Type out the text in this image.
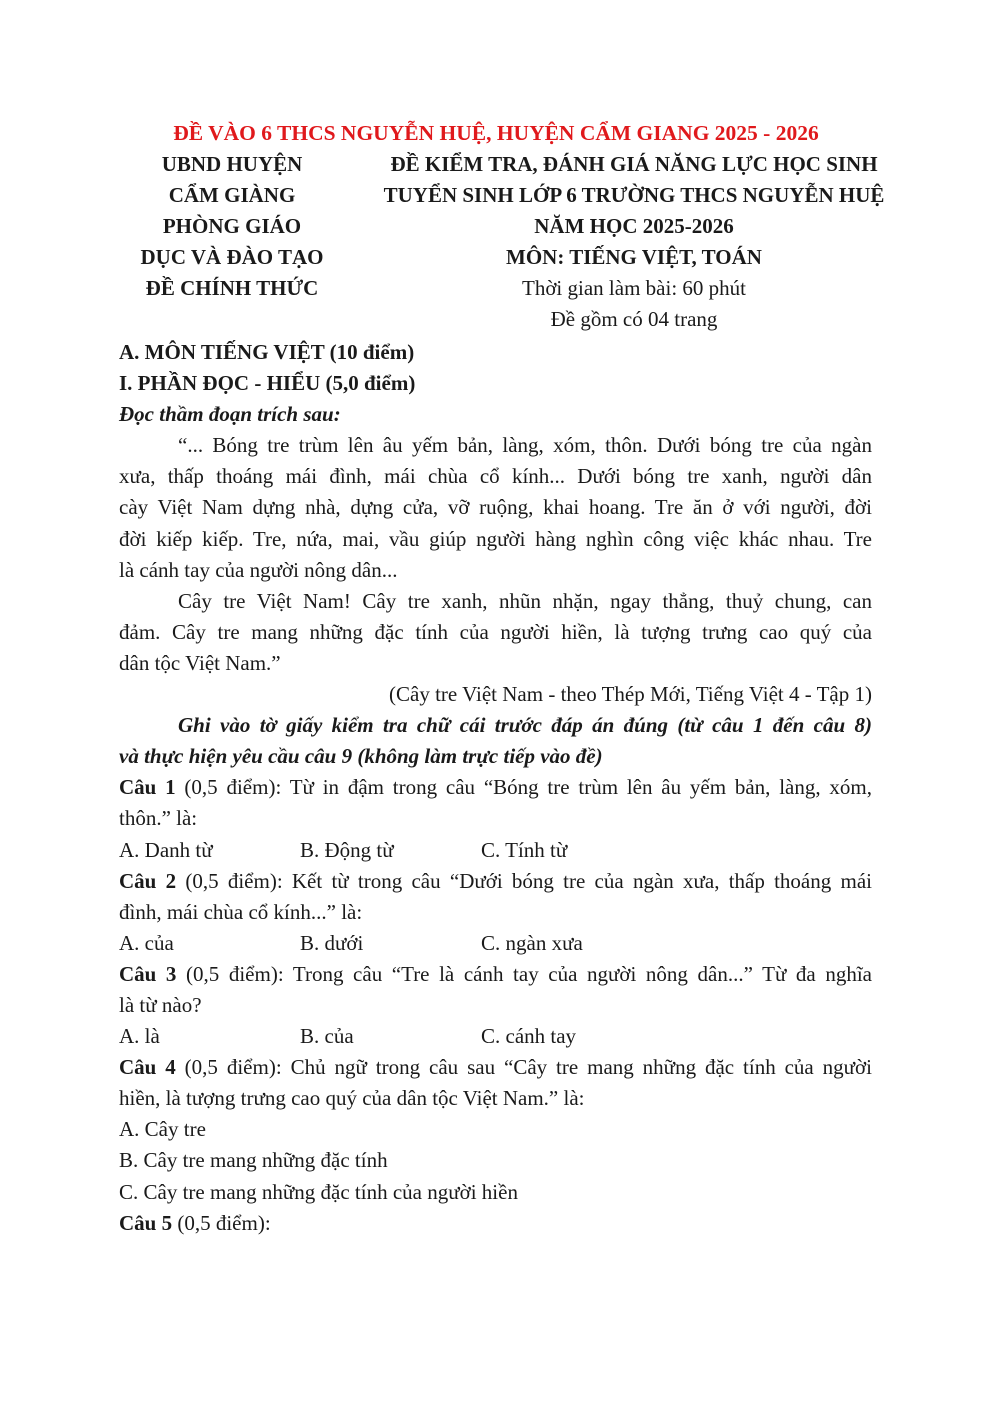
ĐỀ VÀO 6 THCS NGUYỄN HUỆ, HUYỆN CẨM GIANG 2025 - 2026
UBND HUYỆN
CẨM GIÀNG
PHÒNG GIÁO
DỤC VÀ ĐÀO TẠO
ĐỀ CHÍNH THỨC
ĐỀ KIỂM TRA, ĐÁNH GIÁ NĂNG LỰC HỌC SINH
TUYỂN SINH LỚP 6 TRƯỜNG THCS NGUYỄN HUỆ
NĂM HỌC 2025-2026
MÔN: TIẾNG VIỆT, TOÁN
Thời gian làm bài: 60 phút
Đề gồm có 04 trang
A. MÔN TIẾNG VIỆT (10 điểm)
I. PHẦN ĐỌC - HIỂU (5,0 điểm)
Đọc thầm đoạn trích sau:
“... Bóng tre trùm lên âu yếm bản, làng, xóm, thôn. Dưới bóng tre của ngàn
xưa, thấp thoáng mái đình, mái chùa cổ kính... Dưới bóng tre xanh, người dân
cày Việt Nam dựng nhà, dựng cửa, vỡ ruộng, khai hoang. Tre ăn ở với người, đời
đời kiếp kiếp. Tre, nứa, mai, vầu giúp người hàng nghìn công việc khác nhau. Tre
là cánh tay của người nông dân...
Cây tre Việt Nam! Cây tre xanh, nhũn nhặn, ngay thẳng, thuỷ chung, can
đảm. Cây tre mang những đặc tính của người hiền, là tượng trưng cao quý của
dân tộc Việt Nam.”
(Cây tre Việt Nam - theo Thép Mới, Tiếng Việt 4 - Tập 1)
Ghi vào tờ giấy kiểm tra chữ cái trước đáp án đúng (từ câu 1 đến câu 8)
và thực hiện yêu cầu câu 9 (không làm trực tiếp vào đề)
Câu 1 (0,5 điểm): Từ in đậm trong câu “Bóng tre trùm lên âu yếm bản, làng, xóm,
thôn.” là:
A. Danh từ	B. Động từ	C. Tính từ
Câu 2 (0,5 điểm): Kết từ trong câu “Dưới bóng tre của ngàn xưa, thấp thoáng mái
đình, mái chùa cổ kính...” là:
A. của	B. dưới	C. ngàn xưa
Câu 3 (0,5 điểm): Trong câu “Tre là cánh tay của người nông dân...” Từ đa nghĩa
là từ nào?
A. là	B. của	C. cánh tay
Câu 4 (0,5 điểm): Chủ ngữ trong câu sau “Cây tre mang những đặc tính của người
hiền, là tượng trưng cao quý của dân tộc Việt Nam.” là:
A. Cây tre
B. Cây tre mang những đặc tính
C. Cây tre mang những đặc tính của người hiền
Câu 5 (0,5 điểm):
